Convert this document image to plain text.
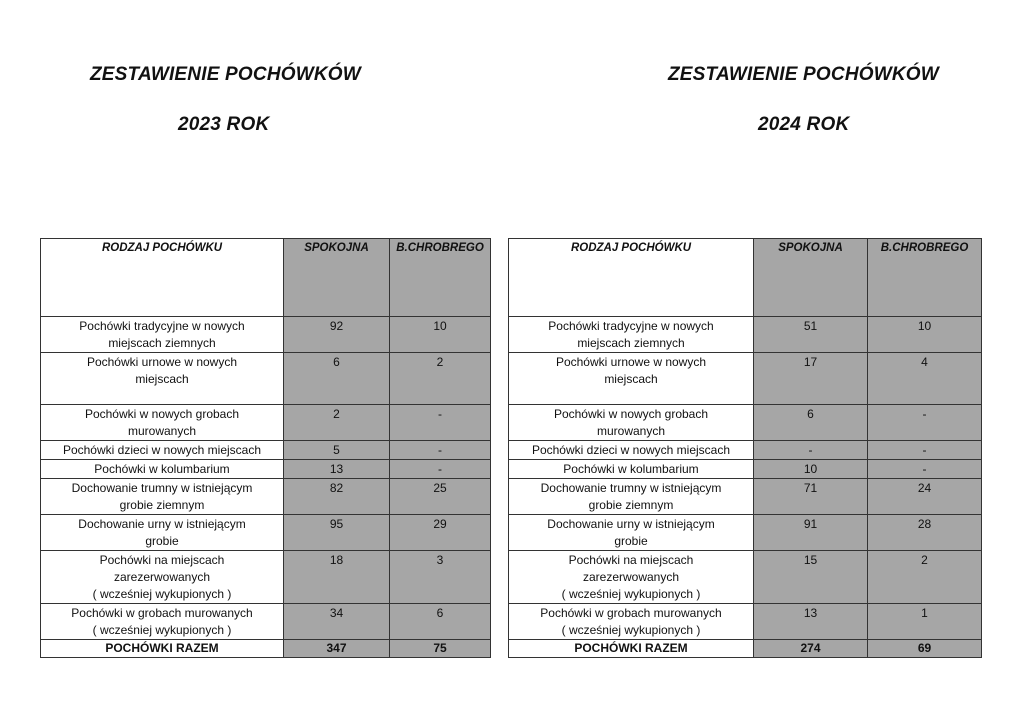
ZESTAWIENIE POCHÓWKÓW
2023 ROK
ZESTAWIENIE POCHÓWKÓW
2024 ROK
RODZAJ POCHÓWKU	SPOKOJNA	B.CHROBREGO

Pochówki tradycyjne w nowych
miejscach ziemnych	92	10

Pochówki urnowe w nowych
miejscach	6	2

Pochówki w nowych grobach
murowanych	2	-

Pochówki dzieci w nowych miejscach	5	-

Pochówki w kolumbarium	13	-

Dochowanie trumny w istniejącym
grobie ziemnym	82	25

Dochowanie urny w istniejącym
grobie	95	29

Pochówki na miejscach
zarezerwowanych
( wcześniej wykupionych )	18	3

Pochówki w grobach murowanych
( wcześniej wykupionych )	34	6
POCHÓWKI RAZEM	347	75
RODZAJ POCHÓWKU	SPOKOJNA	B.CHROBREGO

Pochówki tradycyjne w nowych
miejscach ziemnych	51	10

Pochówki urnowe w nowych
miejscach	17	4

Pochówki w nowych grobach
murowanych	6	-

Pochówki dzieci w nowych miejscach	-	-

Pochówki w kolumbarium	10	-

Dochowanie trumny w istniejącym
grobie ziemnym	71	24

Dochowanie urny w istniejącym
grobie	91	28

Pochówki na miejscach
zarezerwowanych
( wcześniej wykupionych )	15	2

Pochówki w grobach murowanych
( wcześniej wykupionych )	13	1
POCHÓWKI RAZEM	274	69
